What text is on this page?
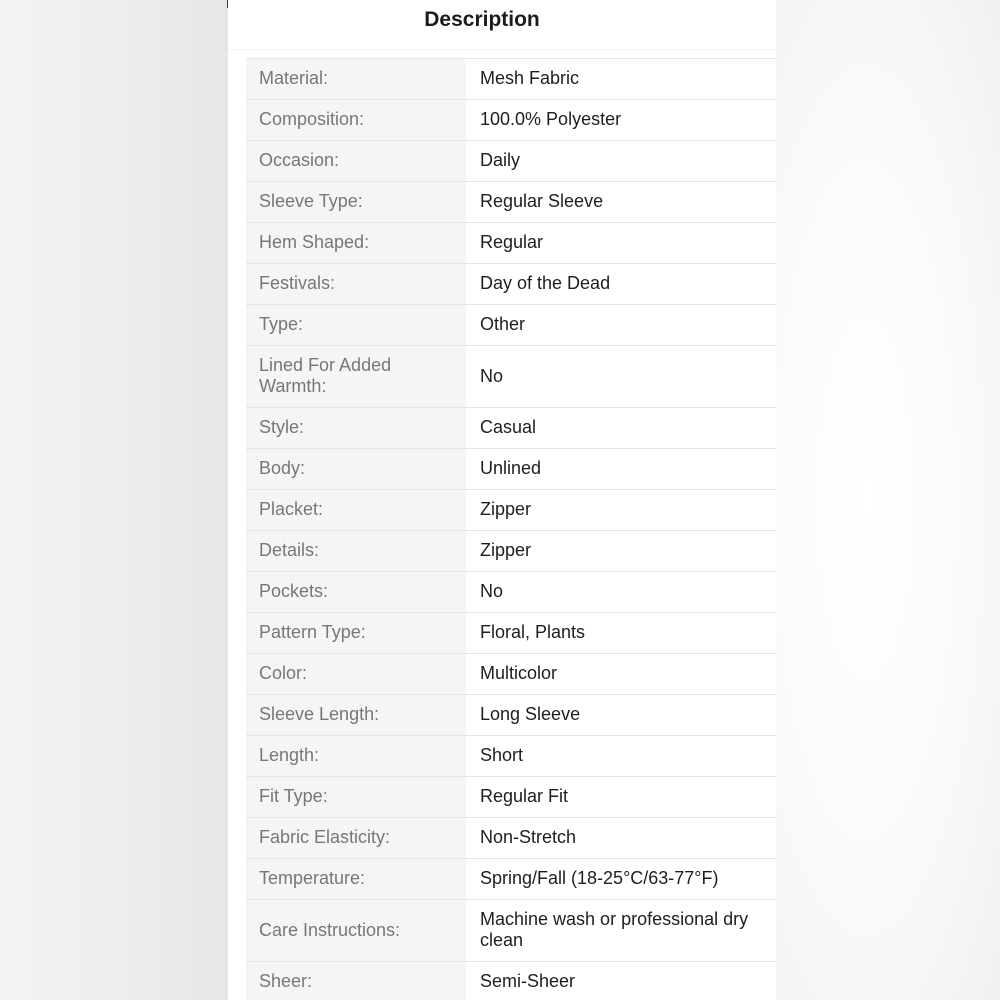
Description
Material:	Mesh Fabric
Composition:	100.0% Polyester
Occasion:	Daily
Sleeve Type:	Regular Sleeve
Hem Shaped:	Regular
Festivals:	Day of the Dead
Type:	Other
Lined For Added Warmth:
No
Style:	Casual
Body:	Unlined
Placket:	Zipper
Details:	Zipper
Pockets:	No
Pattern Type:	Floral, Plants
Color:	Multicolor
Sleeve Length:	Long Sleeve
Length:	Short
Fit Type:	Regular Fit
Fabric Elasticity:	Non-Stretch
Temperature:	Spring/Fall (18-25°C/63-77°F)
Care Instructions:
Machine wash or professional dry clean
Sheer:	Semi-Sheer
